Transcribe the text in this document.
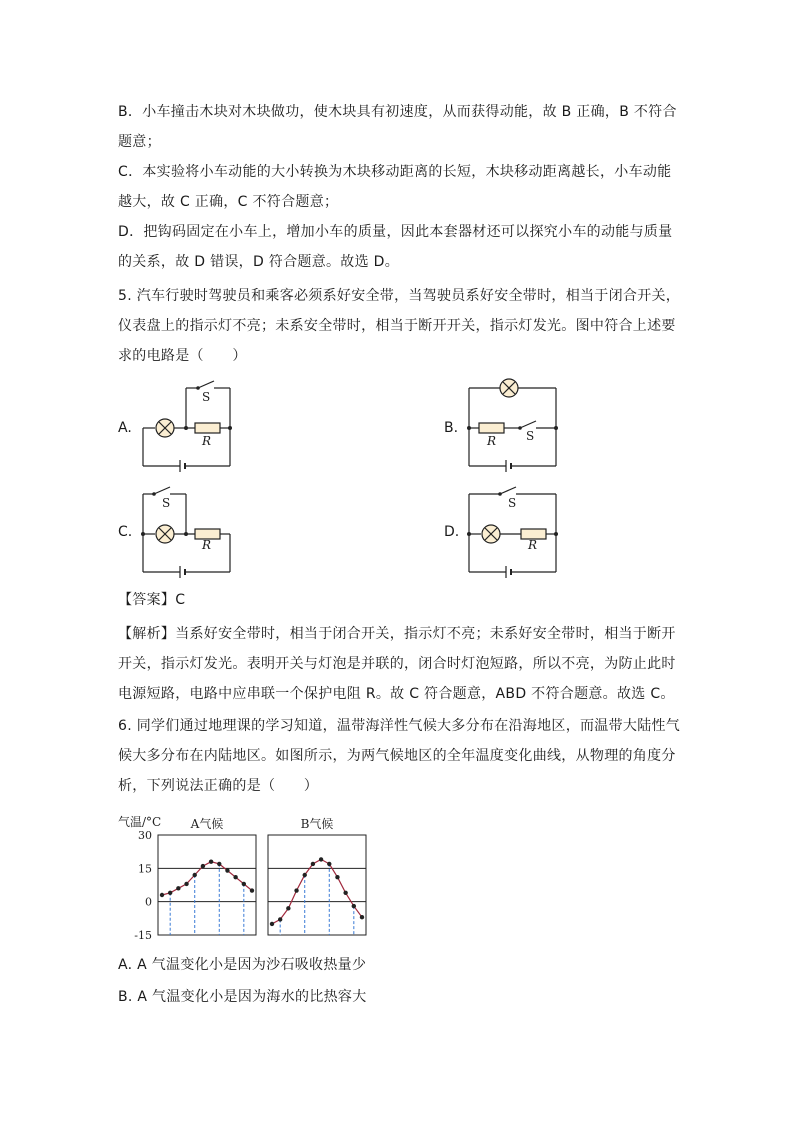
B．小车撞击木块对木块做功，使木块具有初速度，从而获得动能，故 B 正确，B 不符合
题意；
C．本实验将小车动能的大小转换为木块移动距离的长短，木块移动距离越长，小车动能
越大，故 C 正确，C 不符合题意；
D．把钩码固定在小车上，增加小车的质量，因此本套器材还可以探究小车的动能与质量
的关系，故 D 错误，D 符合题意。故选 D。
5. 汽车行驶时驾驶员和乘客必须系好安全带，当驾驶员系好安全带时，相当于闭合开关，
仪表盘上的指示灯不亮；未系安全带时，相当于断开开关，指示灯发光。图中符合上述要
求的电路是（　　）
A.
S
R
B.	S
R
C.
S
R
D.
S
R
【答案】C
【解析】当系好安全带时，相当于闭合开关，指示灯不亮；未系好安全带时，相当于断开
开关，指示灯发光。表明开关与灯泡是并联的，闭合时灯泡短路，所以不亮，为防止此时
电源短路，电路中应串联一个保护电阻 R。故 C 符合题意，ABD 不符合题意。故选 C。
6. 同学们通过地理课的学习知道，温带海洋性气候大多分布在沿海地区，而温带大陆性气
候大多分布在内陆地区。如图所示，为两气候地区的全年温度变化曲线，从物理的角度分
析，下列说法正确的是（　　）
气温/°C
30
15
0
-15
A气候	B气候
A. A 气温变化小是因为沙石吸收热量少
B. A 气温变化小是因为海水的比热容大
